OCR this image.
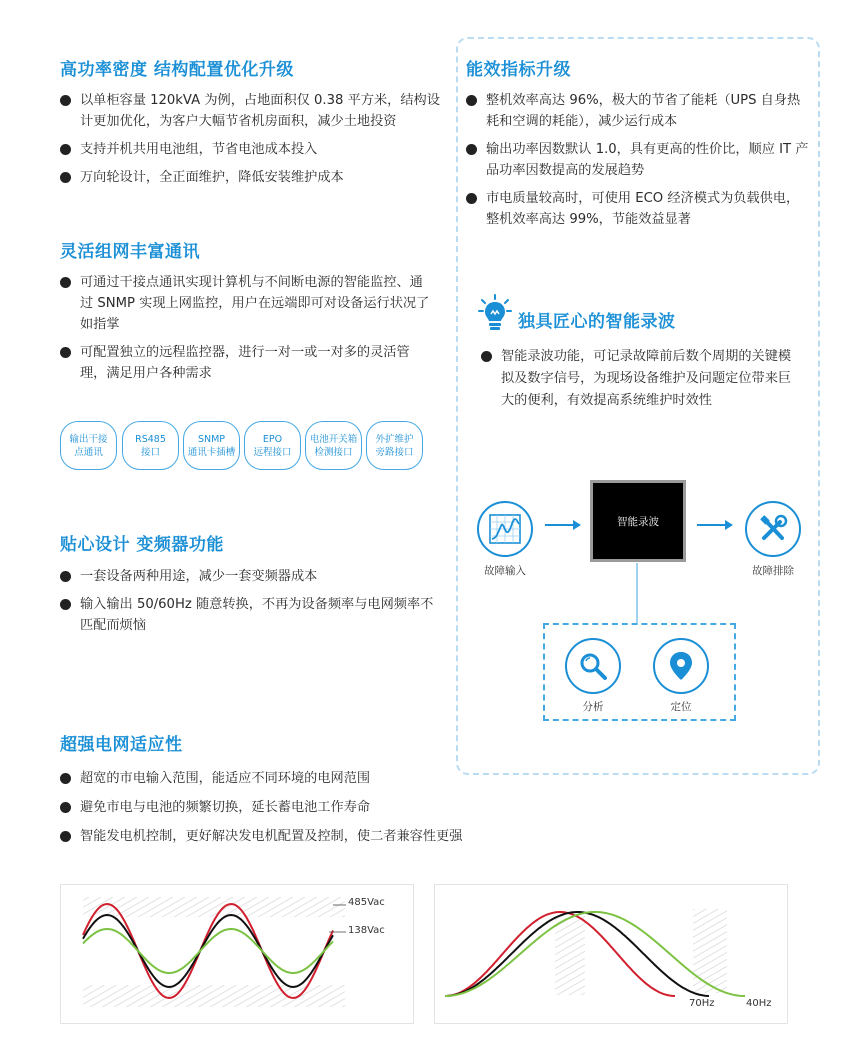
高功率密度 结构配置优化升级
以单柜容量 120kVA 为例，占地面积仅 0.38 平方米，结构设计更加优化，为客户大幅节省机房面积，减少土地投资
支持并机共用电池组，节省电池成本投入
万向轮设计，全正面维护，降低安装维护成本
灵活组网丰富通讯
可通过干接点通讯实现计算机与不间断电源的智能监控、通过 SNMP 实现上网监控，用户在远端即可对设备运行状况了如指掌
可配置独立的远程监控器，进行一对一或一对多的灵活管理，满足用户各种需求
输出干接
点通讯
RS485
接口
SNMP
通讯卡插槽
EPO
远程接口
电池开关箱
检测接口
外扩维护
旁路接口
贴心设计 变频器功能
一套设备两种用途，减少一套变频器成本
输入输出 50/60Hz 随意转换，不再为设备频率与电网频率不匹配而烦恼
超强电网适应性
超宽的市电输入范围，能适应不同环境的电网范围
避免市电与电池的频繁切换，延长蓄电池工作寿命
智能发电机控制，更好解决发电机配置及控制，使二者兼容性更强
能效指标升级
整机效率高达 96%，极大的节省了能耗（UPS 自身热耗和空调的耗能），减少运行成本
输出功率因数默认 1.0，具有更高的性价比，顺应 IT 产品功率因数提高的发展趋势
市电质量较高时，可使用 ECO 经济模式为负载供电，整机效率高达 99%，节能效益显著
独具匠心的智能录波
智能录波功能，可记录故障前后数个周期的关键模拟及数字信号，为现场设备维护及问题定位带来巨大的便利，有效提高系统维护时效性
故障输入
智能录波
故障排除
分析	定位
485Vac
138Vac
70Hz	40Hz
